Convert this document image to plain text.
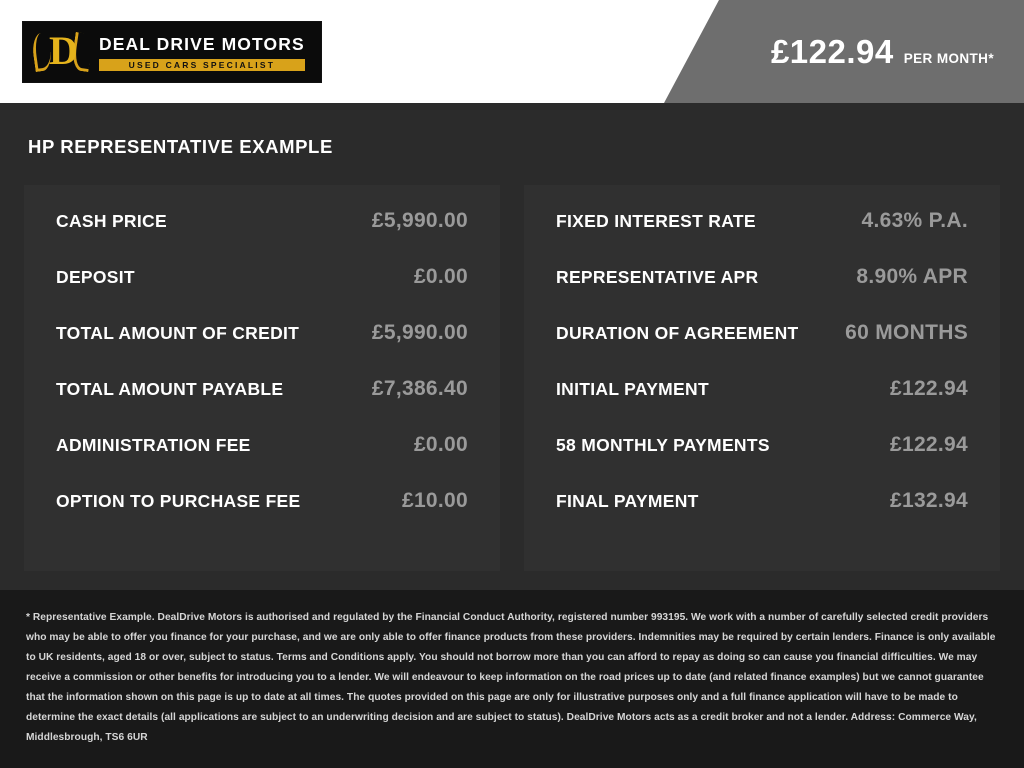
D DEAL DRIVE MOTORS
USED CARS SPECIALIST	£122.94 PER MONTH*
HP REPRESENTATIVE EXAMPLE
CASH PRICE	£5,990.00
DEPOSIT	£0.00
TOTAL AMOUNT OF CREDIT	£5,990.00
TOTAL AMOUNT PAYABLE	£7,386.40
ADMINISTRATION FEE	£0.00
OPTION TO PURCHASE FEE	£10.00
FIXED INTEREST RATE	4.63% P.A.
REPRESENTATIVE APR	8.90% APR
DURATION OF AGREEMENT 60 MONTHS
INITIAL PAYMENT	£122.94
58 MONTHLY PAYMENTS	£122.94
FINAL PAYMENT	£132.94

* Representative Example. DealDrive Motors is authorised and regulated by the Financial Conduct Authority, registered number 993195. We work with a number of carefully selected credit providers who may be able to offer you finance for your purchase, and we are only able to offer finance products from these providers. Indemnities may be required by certain lenders. Finance is only available to UK residents, aged 18 or over, subject to status. Terms and Conditions apply. You should not borrow more than you can afford to repay as doing so can cause you financial difficulties. We may receive a commission or other benefits for introducing you to a lender. We will endeavour to keep information on the road prices up to date (and related finance examples) but we cannot guarantee that the information shown on this page is up to date at all times. The quotes provided on this page are only for illustrative purposes only and a full finance application will have to be made to determine the exact details (all applications are subject to an underwriting decision and are subject to status). DealDrive Motors acts as a credit broker and not a lender. Address: Commerce Way, Middlesbrough, TS6 6UR
